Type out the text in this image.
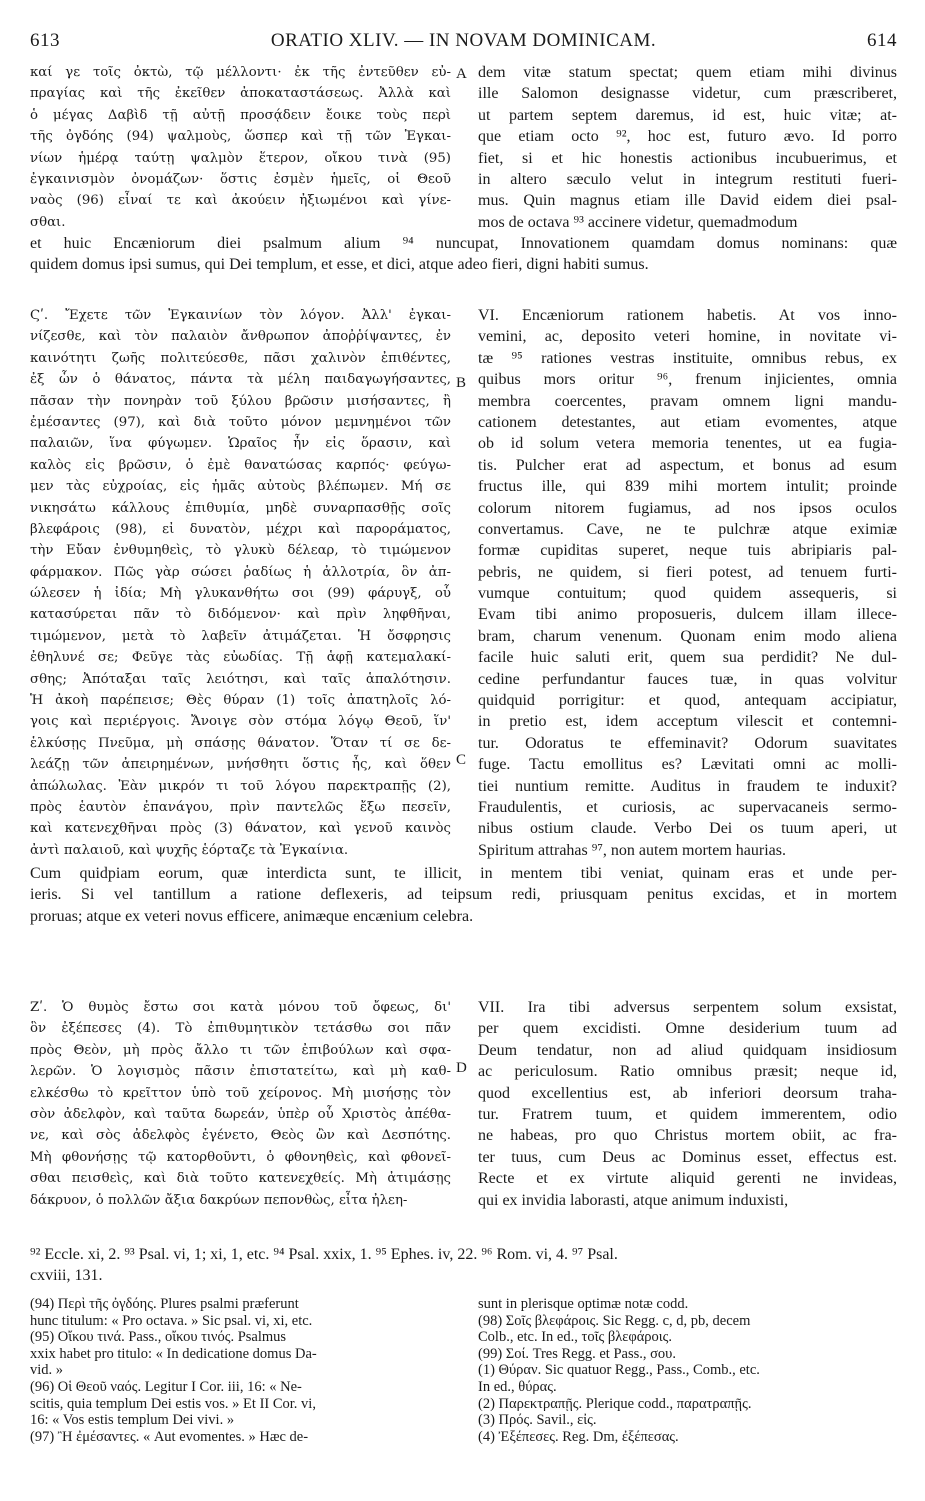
613	ORATIO XLIV. — IN NOVAM DOMINICAM.	614
καί γε τοῖς ὀκτὼ, τῷ μέλλοντι· ἐκ τῆς ἐντεῦθεν εὐ-
πραγίας καὶ τῆς ἐκεῖθεν ἀποκαταστάσεως. Ἀλλὰ καὶ
ὁ μέγας Δαβὶδ τῇ αὐτῇ προσᾴδειν ἔοικε τοὺς περὶ
τῆς ὀγδόης (94) ψαλμοὺς, ὥσπερ καὶ τῇ τῶν Ἐγκαι-
νίων ἡμέρᾳ ταύτῃ ψαλμὸν ἕτερον, οἴκου τινὰ (95)
ἐγκαινισμὸν ὀνομάζων· ὅστις ἐσμὲν ἡμεῖς, οἱ Θεοῦ
ναὸς (96) εἶναί τε καὶ ἀκούειν ἠξιωμένοι καὶ γίνε-
σθαι.
dem vitæ statum spectat; quem etiam mihi divinus
ille Salomon designasse videtur, cum præscriberet,
ut partem septem daremus, id est, huic vitæ; at-
que etiam octo ⁹², hoc est, futuro ævo. Id porro
fiet, si et hic honestis actionibus incubuerimus, et
in altero sæculo velut in integrum restituti fueri-
mus. Quin magnus etiam ille David eidem diei psal-
mos de octava ⁹³ accinere videtur, quemadmodum
et huic Encæniorum diei psalmum alium ⁹⁴ nuncupat, Innovationem quamdam domus nominans: quæ
quidem domus ipsi sumus, qui Dei templum, et esse, et dici, atque adeo fieri, digni habiti sumus.
Ϛʹ. Ἔχετε τῶν Ἐγκαινίων τὸν λόγον. Ἀλλ' ἐγκαι-
νίζεσθε, καὶ τὸν παλαιὸν ἄνθρωπον ἀποῤῥίψαντες, ἐν
καινότητι ζωῆς πολιτεύεσθε, πᾶσι χαλινὸν ἐπιθέντες,
ἐξ ὧν ὁ θάνατος, πάντα τὰ μέλη παιδαγωγήσαντες,
πᾶσαν τὴν πονηρὰν τοῦ ξύλου βρῶσιν μισήσαντες, ἢ
ἐμέσαντες (97), καὶ διὰ τοῦτο μόνον μεμνημένοι τῶν
παλαιῶν, ἵνα φύγωμεν. Ὡραῖος ἦν εἰς ὅρασιν, καὶ
καλὸς εἰς βρῶσιν, ὁ ἐμὲ θανατώσας καρπός· φεύγω-
μεν τὰς εὐχροίας, εἰς ἡμᾶς αὐτοὺς βλέπωμεν. Μή σε
νικησάτω κάλλους ἐπιθυμία, μηδὲ συναρπασθῇς σοῖς
βλεφάροις (98), εἰ δυνατὸν, μέχρι καὶ παροράματος,
τὴν Εὔαν ἐνθυμηθεὶς, τὸ γλυκὺ δέλεαρ, τὸ τιμώμενον
φάρμακον. Πῶς γὰρ σώσει ῥαδίως ἡ ἀλλοτρία, ὃν ἀπ-
ώλεσεν ἡ ἰδία; Μὴ γλυκανθήτω σοι (99) φάρυγξ, οὗ
κατασύρεται πᾶν τὸ διδόμενον· καὶ πρὶν ληφθῆναι,
τιμώμενον, μετὰ τὸ λαβεῖν ἀτιμάζεται. Ἡ ὄσφρησις
ἐθηλυνέ σε; Φεῦγε τὰς εὐωδίας. Τῇ ἁφῇ κατεμαλακί-
σθης; Ἀπόταξαι ταῖς λειότησι, καὶ ταῖς ἁπαλότησιν.
Ἡ ἀκοὴ παρέπεισε; Θὲς θύραν (1) τοῖς ἀπατηλοῖς λό-
γοις καὶ περιέργοις. Ἄνοιγε σὸν στόμα λόγῳ Θεοῦ, ἵν'
ἑλκύσῃς Πνεῦμα, μὴ σπάσῃς θάνατον. Ὅταν τί σε δε-
λεάζῃ τῶν ἀπειρημένων, μνήσθητι ὅστις ἦς, καὶ ὅθεν
ἀπώλωλας. Ἐὰν μικρόν τι τοῦ λόγου παρεκτραπῇς (2),
πρὸς ἑαυτὸν ἐπανάγου, πρὶν παντελῶς ἔξω πεσεῖν,
καὶ κατενεχθῆναι πρὸς (3) θάνατον, καὶ γενοῦ καινὸς
ἀντὶ παλαιοῦ, καὶ ψυχῆς ἑόρταζε τὰ Ἐγκαίνια.
VI. Encæniorum rationem habetis. At vos inno-
vemini, ac, deposito veteri homine, in novitate vi-
tæ ⁹⁵ rationes vestras instituite, omnibus rebus, ex
quibus mors oritur ⁹⁶, frenum injicientes, omnia
membra coercentes, pravam omnem ligni mandu-
cationem detestantes, aut etiam evomentes, atque
ob id solum vetera memoria tenentes, ut ea fugia-
tis. Pulcher erat ad aspectum, et bonus ad esum
fructus ille, qui 839 mihi mortem intulit; proinde
colorum nitorem fugiamus, ad nos ipsos oculos
convertamus. Cave, ne te pulchræ atque eximiæ
formæ cupiditas superet, neque tuis abripiaris pal-
pebris, ne quidem, si fieri potest, ad tenuem furti-
vumque contuitum; quod quidem assequeris, si
Evam tibi animo proposueris, dulcem illam illece-
bram, charum venenum. Quonam enim modo aliena
facile huic saluti erit, quem sua perdidit? Ne dul-
cedine perfundantur fauces tuæ, in quas volvitur
quidquid porrigitur: et quod, antequam accipiatur,
in pretio est, idem acceptum vilescit et contemni-
tur. Odoratus te effeminavit? Odorum suavitates
fuge. Tactu emollitus es? Lævitati omni ac molli-
tiei nuntium remitte. Auditus in fraudem te induxit?
Fraudulentis, et curiosis, ac supervacaneis sermo-
nibus ostium claude. Verbo Dei os tuum aperi, ut
Spiritum attrahas ⁹⁷, non autem mortem haurias.
Cum quidpiam eorum, quæ interdicta sunt, te illicit, in mentem tibi veniat, quinam eras et unde per-
ieris. Si vel tantillum a ratione deflexeris, ad teipsum redi, priusquam penitus excidas, et in mortem
proruas; atque ex veteri novus efficere, animæque encænium celebra.
Ζʹ. Ὁ θυμὸς ἔστω σοι κατὰ μόνου τοῦ ὄφεως, δι'
ὃν ἐξέπεσες (4). Τὸ ἐπιθυμητικὸν τετάσθω σοι πᾶν
πρὸς Θεὸν, μὴ πρὸς ἄλλο τι τῶν ἐπιβούλων καὶ σφα-
λερῶν. Ὁ λογισμὸς πᾶσιν ἐπιστατείτω, καὶ μὴ καθ-
ελκέσθω τὸ κρεῖττον ὑπὸ τοῦ χείρονος. Μὴ μισήσῃς τὸν
σὸν ἀδελφὸν, καὶ ταῦτα δωρεάν, ὑπὲρ οὗ Χριστὸς ἀπέθα-
νε, καὶ σὸς ἀδελφὸς ἐγένετο, Θεὸς ὢν καὶ Δεσπότης.
Μὴ φθονήσῃς τῷ κατορθοῦντι, ὁ φθονηθεὶς, καὶ φθονεῖ-
σθαι πεισθεὶς, καὶ διὰ τοῦτο κατενεχθείς. Μὴ ἀτιμάσῃς
δάκρυον, ὁ πολλῶν ἄξια δακρύων πεπονθὼς, εἶτα ἠλεη-
VII. Ira tibi adversus serpentem solum exsistat,
per quem excidisti. Omne desiderium tuum ad
Deum tendatur, non ad aliud quidquam insidiosum
ac periculosum. Ratio omnibus præsit; neque id,
quod excellentius est, ab inferiori deorsum traha-
tur. Fratrem tuum, et quidem immerentem, odio
ne habeas, pro quo Christus mortem obiit, ac fra-
ter tuus, cum Deus ac Dominus esset, effectus est.
Recte et ex virtute aliquid gerenti ne invideas,
qui ex invidia laborasti, atque animum induxisti,
A
B
C
D
⁹² Eccle. xi, 2. ⁹³ Psal. vi, 1; xi, 1, etc. ⁹⁴ Psal. xxix, 1. ⁹⁵ Ephes. iv, 22. ⁹⁶ Rom. vi, 4. ⁹⁷ Psal.
cxviii, 131.
(94) Περὶ τῆς ὀγδόης. Plures psalmi præferunt
hunc titulum: « Pro octava. » Sic psal. vi, xi, etc.
(95) Οἴκου τινά. Pass., οἴκου τινός. Psalmus
xxix habet pro titulo: « In dedicatione domus Da-
vid. »
(96) Οἱ Θεοῦ ναός. Legitur I Cor. iii, 16: « Ne-
scitis, quia templum Dei estis vos. » Et II Cor. vi,
16: « Vos estis templum Dei vivi. »
(97) Ἢ ἐμέσαντες. « Aut evomentes. » Hæc de-
sunt in plerisque optimæ notæ codd.
(98) Σοῖς βλεφάροις. Sic Regg. c, d, pb, decem
Colb., etc. In ed., τοῖς βλεφάροις.
(99) Σοί. Tres Regg. et Pass., σου.
(1) Θύραν. Sic quatuor Regg., Pass., Comb., etc.
In ed., θύρας.
(2) Παρεκτραπῇς. Plerique codd., παρατραπῇς.
(3) Πρός. Savil., εἰς.
(4) Ἐξέπεσες. Reg. Dm, ἐξέπεσας.
